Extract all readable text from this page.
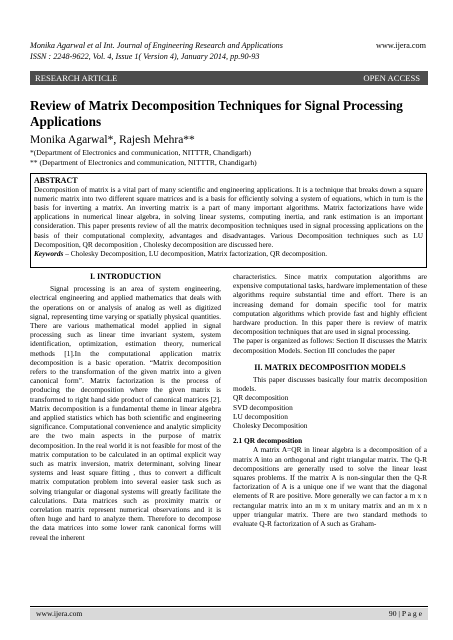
Monika Agarwal et al Int. Journal of Engineering Research and Applications
ISSN : 2248-9622, Vol. 4, Issue 1( Version 4), January 2014, pp.90-93
www.ijera.com
RESEARCH ARTICLE	OPEN ACCESS
Review of Matrix Decomposition Techniques for Signal Processing Applications
Monika Agarwal*, Rajesh Mehra**
*(Department of Electronics and communication, NITTTR, Chandigarh)
** (Department of Electronics and communication, NITTTR, Chandigarh)
ABSTRACT

Decomposition of matrix is a vital part of many scientific and engineering applications. It is a technique that breaks down a square numeric matrix into two different square matrices and is a basis for efficiently solving a system of equations, which in turn is the basis for inverting a matrix. An inverting matrix is a part of many important algorithms. Matrix factorizations have wide applications in numerical linear algebra, in solving linear systems, computing inertia, and rank estimation is an important consideration. This paper presents review of all the matrix decomposition techniques used in signal processing applications on the basis of their computational complexity, advantages and disadvantages. Various Decomposition techniques such as LU Decomposition, QR decomposition , Cholesky decomposition are discussed here.

Keywords – Cholesky Decomposition, LU decomposition, Matrix factorization, QR decomposition.

I. INTRODUCTION

Signal processing is an area of system engineering, electrical engineering and applied mathematics that deals with the operations on or analysis of analog as well as digitized signal, representing time varying or spatially physical quantities. There are various mathematical model applied in signal processing such as linear time invariant system, system identification, optimization, estimation theory, numerical methods [1].In the computational application matrix decomposition is a basic operation. “Matrix decomposition refers to the transformation of the given matrix into a given canonical form”. Matrix factorization is the process of producing the decomposition where the given matrix is transformed to right hand side product of canonical matrices [2]. Matrix decomposition is a fundamental theme in linear algebra and applied statistics which has both scientific and engineering significance. Computational convenience and analytic simplicity are the two main aspects in the purpose of matrix decomposition. In the real world it is not feasible for most of the matrix computation to be calculated in an optimal explicit way such as matrix inversion, matrix determinant, solving linear systems and least square fitting , thus to convert a difficult matrix computation problem into several easier task such as solving triangular or diagonal systems will greatly facilitate the calculations. Data matrices such as proximity matrix or correlation matrix represent numerical observations and it is often huge and hard to analyze them. Therefore to decompose the data matrices into some lower rank canonical forms will reveal the inherent

characteristics. Since matrix computation algorithms are expensive computational tasks, hardware implementation of these algorithms require substantial time and effort. There is an increasing demand for domain specific tool for matrix computation algorithms which provide fast and highly efficient hardware production. In this paper there is review of matrix decomposition techniques that are used in signal processing.

The paper is organized as follows: Section II discusses the Matrix decomposition Models. Section III concludes the paper

II. MATRIX DECOMPOSITION MODELS

This paper discusses basically four matrix decomposition models.

QR decomposition
SVD decomposition
LU decomposition
Cholesky Decomposition
2.1 QR decomposition

A matrix A=QR in linear algebra is a decomposition of a matrix A into an orthogonal and right triangular matrix. The Q-R decompositions are generally used to solve the linear least squares problems. If the matrix A is non-singular then the Q-R factorization of A is a unique one if we want that the diagonal elements of R are positive. More generally we can factor a m x n rectangular matrix into an m x m unitary matrix and an m x n upper triangular matrix. There are two standard methods to evaluate Q-R factorization of A such as Graham-

www.ijera.com	90 | P a g e
